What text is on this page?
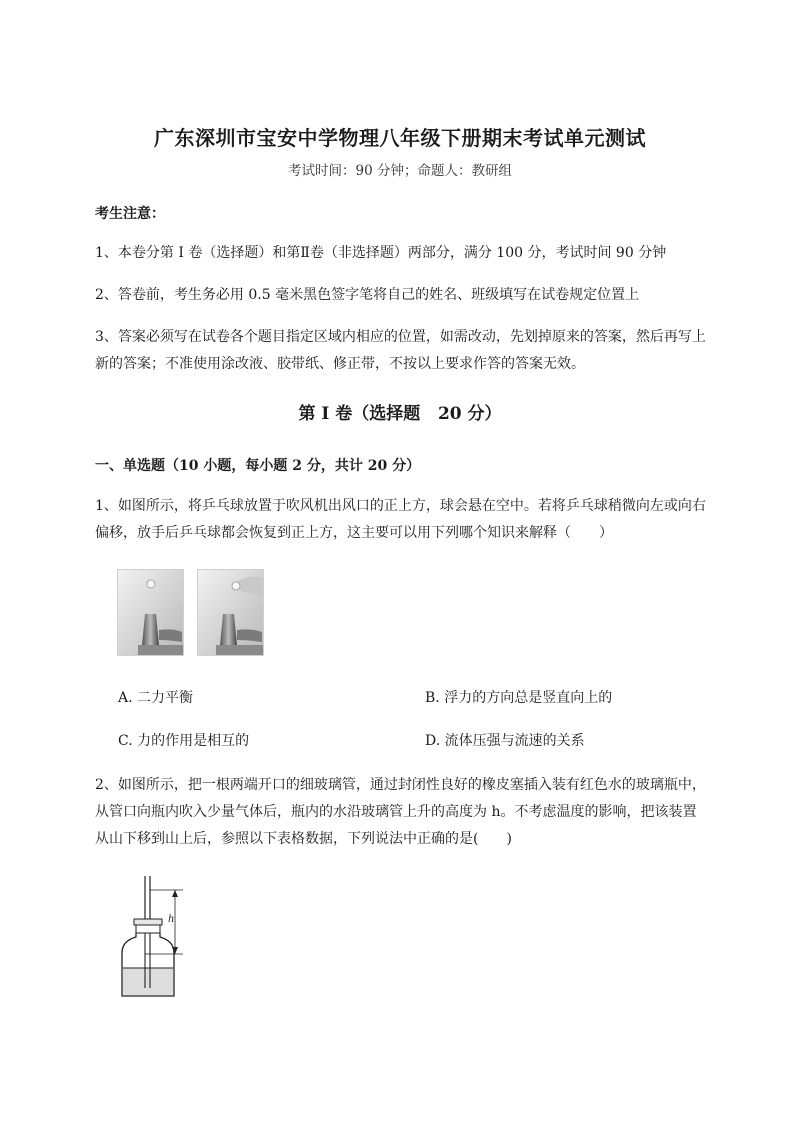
广东深圳市宝安中学物理八年级下册期末考试单元测试
考试时间：90 分钟；命题人：教研组
考生注意：
1、本卷分第 I 卷（选择题）和第Ⅱ卷（非选择题）两部分，满分 100 分，考试时间 90 分钟
2、答卷前，考生务必用 0.5 毫米黑色签字笔将自己的姓名、班级填写在试卷规定位置上
3、答案必须写在试卷各个题目指定区域内相应的位置，如需改动，先划掉原来的答案，然后再写上新的答案；不准使用涂改液、胶带纸、修正带，不按以上要求作答的答案无效。
第 I 卷（选择题   20 分）
一、单选题（10 小题，每小题 2 分，共计 20 分）
1、如图所示，将乒乓球放置于吹风机出风口的正上方，球会悬在空中。若将乒乓球稍微向左或向右偏移，放手后乒乓球都会恢复到正上方，这主要可以用下列哪个知识来解释（　　）
A. 二力平衡	B. 浮力的方向总是竖直向上的
C. 力的作用是相互的	D. 流体压强与流速的关系
2、如图所示，把一根两端开口的细玻璃管，通过封闭性良好的橡皮塞插入装有红色水的玻璃瓶中，从管口向瓶内吹入少量气体后，瓶内的水沿玻璃管上升的高度为 h。不考虑温度的影响，把该装置从山下移到山上后，参照以下表格数据，下列说法中正确的是(　　)
h
